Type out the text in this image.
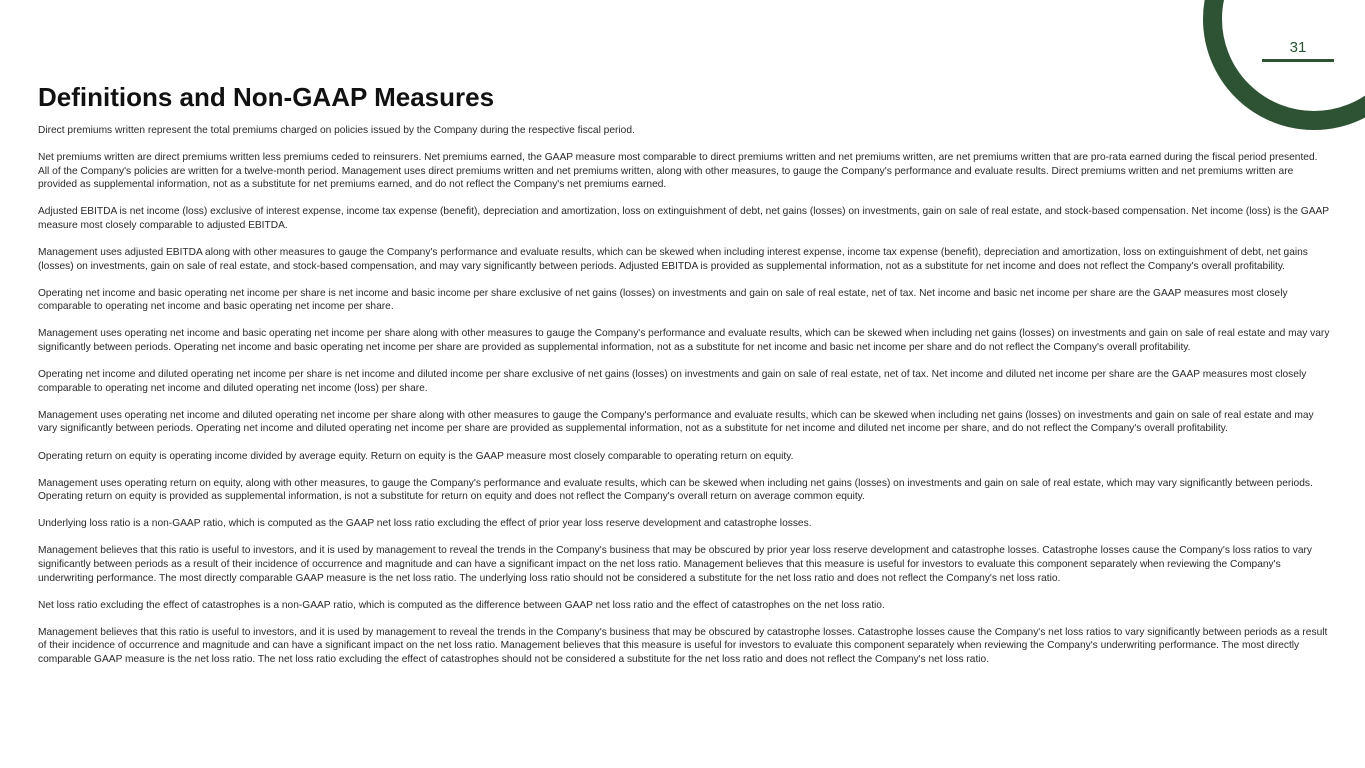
31
Definitions and Non-GAAP Measures

Direct premiums written represent the total premiums charged on policies issued by the Company during the respective fiscal period.

Net premiums written are direct premiums written less premiums ceded to reinsurers. Net premiums earned, the GAAP measure most comparable to direct premiums written and net premiums written, are net premiums written that are pro-rata earned during the fiscal period presented. All of the Company's policies are written for a twelve-month period. Management uses direct premiums written and net premiums written, along with other measures, to gauge the Company's performance and evaluate results. Direct premiums written and net premiums written are provided as supplemental information, not as a substitute for net premiums earned, and do not reflect the Company's net premiums earned.

Adjusted EBITDA is net income (loss) exclusive of interest expense, income tax expense (benefit), depreciation and amortization, loss on extinguishment of debt, net gains (losses) on investments, gain on sale of real estate, and stock-based compensation. Net income (loss) is the GAAP measure most closely comparable to adjusted EBITDA.

Management uses adjusted EBITDA along with other measures to gauge the Company's performance and evaluate results, which can be skewed when including interest expense, income tax expense (benefit), depreciation and amortization, loss on extinguishment of debt, net gains (losses) on investments, gain on sale of real estate, and stock-based compensation, and may vary significantly between periods. Adjusted EBITDA is provided as supplemental information, not as a substitute for net income and does not reflect the Company's overall profitability.

Operating net income and basic operating net income per share is net income and basic income per share exclusive of net gains (losses) on investments and gain on sale of real estate, net of tax. Net income and basic net income per share are the GAAP measures most closely comparable to operating net income and basic operating net income per share.

Management uses operating net income and basic operating net income per share along with other measures to gauge the Company's performance and evaluate results, which can be skewed when including net gains (losses) on investments and gain on sale of real estate and may vary significantly between periods. Operating net income and basic operating net income per share are provided as supplemental information, not as a substitute for net income and basic net income per share and do not reflect the Company's overall profitability.

Operating net income and diluted operating net income per share is net income and diluted income per share exclusive of net gains (losses) on investments and gain on sale of real estate, net of tax. Net income and diluted net income per share are the GAAP measures most closely comparable to operating net income and diluted operating net income (loss) per share.

Management uses operating net income and diluted operating net income per share along with other measures to gauge the Company's performance and evaluate results, which can be skewed when including net gains (losses) on investments and gain on sale of real estate and may vary significantly between periods. Operating net income and diluted operating net income per share are provided as supplemental information, not as a substitute for net income and diluted net income per share, and do not reflect the Company's overall profitability.

Operating return on equity is operating income divided by average equity. Return on equity is the GAAP measure most closely comparable to operating return on equity.

Management uses operating return on equity, along with other measures, to gauge the Company's performance and evaluate results, which can be skewed when including net gains (losses) on investments and gain on sale of real estate, which may vary significantly between periods. Operating return on equity is provided as supplemental information, is not a substitute for return on equity and does not reflect the Company's overall return on average common equity.

Underlying loss ratio is a non-GAAP ratio, which is computed as the GAAP net loss ratio excluding the effect of prior year loss reserve development and catastrophe losses.

Management believes that this ratio is useful to investors, and it is used by management to reveal the trends in the Company's business that may be obscured by prior year loss reserve development and catastrophe losses. Catastrophe losses cause the Company's loss ratios to vary significantly between periods as a result of their incidence of occurrence and magnitude and can have a significant impact on the net loss ratio. Management believes that this measure is useful for investors to evaluate this component separately when reviewing the Company's underwriting performance. The most directly comparable GAAP measure is the net loss ratio. The underlying loss ratio should not be considered a substitute for the net loss ratio and does not reflect the Company's net loss ratio.

Net loss ratio excluding the effect of catastrophes is a non-GAAP ratio, which is computed as the difference between GAAP net loss ratio and the effect of catastrophes on the net loss ratio.

Management believes that this ratio is useful to investors, and it is used by management to reveal the trends in the Company's business that may be obscured by catastrophe losses. Catastrophe losses cause the Company's net loss ratios to vary significantly between periods as a result of their incidence of occurrence and magnitude and can have a significant impact on the net loss ratio. Management believes that this measure is useful for investors to evaluate this component separately when reviewing the Company's underwriting performance. The most directly comparable GAAP measure is the net loss ratio. The net loss ratio excluding the effect of catastrophes should not be considered a substitute for the net loss ratio and does not reflect the Company's net loss ratio.
